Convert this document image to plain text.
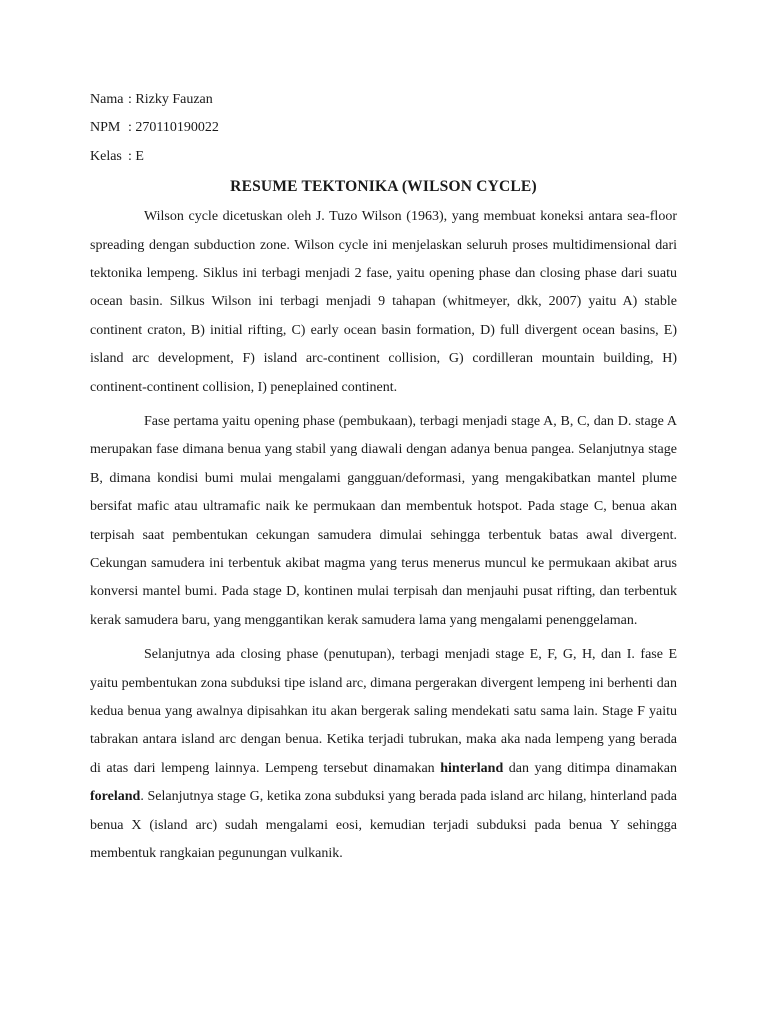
Nama : Rizky Fauzan
NPM : 270110190022
Kelas : E
RESUME TEKTONIKA (WILSON CYCLE)

Wilson cycle dicetuskan oleh J. Tuzo Wilson (1963), yang membuat koneksi antara sea-floor spreading dengan subduction zone. Wilson cycle ini menjelaskan seluruh proses multidimensional dari tektonika lempeng. Siklus ini terbagi menjadi 2 fase, yaitu opening phase dan closing phase dari suatu ocean basin. Silkus Wilson ini terbagi menjadi 9 tahapan (whitmeyer, dkk, 2007) yaitu A) stable continent craton, B) initial rifting, C) early ocean basin formation, D) full divergent ocean basins, E) island arc development, F) island arc-continent collision, G) cordilleran mountain building, H) continent-continent collision, I) peneplained continent.

Fase pertama yaitu opening phase (pembukaan), terbagi menjadi stage A, B, C, dan D. stage A merupakan fase dimana benua yang stabil yang diawali dengan adanya benua pangea. Selanjutnya stage B, dimana kondisi bumi mulai mengalami gangguan/deformasi, yang mengakibatkan mantel plume bersifat mafic atau ultramafic naik ke permukaan dan membentuk hotspot. Pada stage C, benua akan terpisah saat pembentukan cekungan samudera dimulai sehingga terbentuk batas awal divergent. Cekungan samudera ini terbentuk akibat magma yang terus menerus muncul ke permukaan akibat arus konversi mantel bumi. Pada stage D, kontinen mulai terpisah dan menjauhi pusat rifting, dan terbentuk kerak samudera baru, yang menggantikan kerak samudera lama yang mengalami penenggelaman.

Selanjutnya ada closing phase (penutupan), terbagi menjadi stage E, F, G, H, dan I. fase E yaitu pembentukan zona subduksi tipe island arc, dimana pergerakan divergent lempeng ini berhenti dan kedua benua yang awalnya dipisahkan itu akan bergerak saling mendekati satu sama lain. Stage F yaitu tabrakan antara island arc dengan benua. Ketika terjadi tubrukan, maka aka nada lempeng yang berada di atas dari lempeng lainnya. Lempeng tersebut dinamakan hinterland dan yang ditimpa dinamakan foreland. Selanjutnya stage G, ketika zona subduksi yang berada pada island arc hilang, hinterland pada benua X (island arc) sudah mengalami eosi, kemudian terjadi subduksi pada benua Y sehingga membentuk rangkaian pegunungan vulkanik.
